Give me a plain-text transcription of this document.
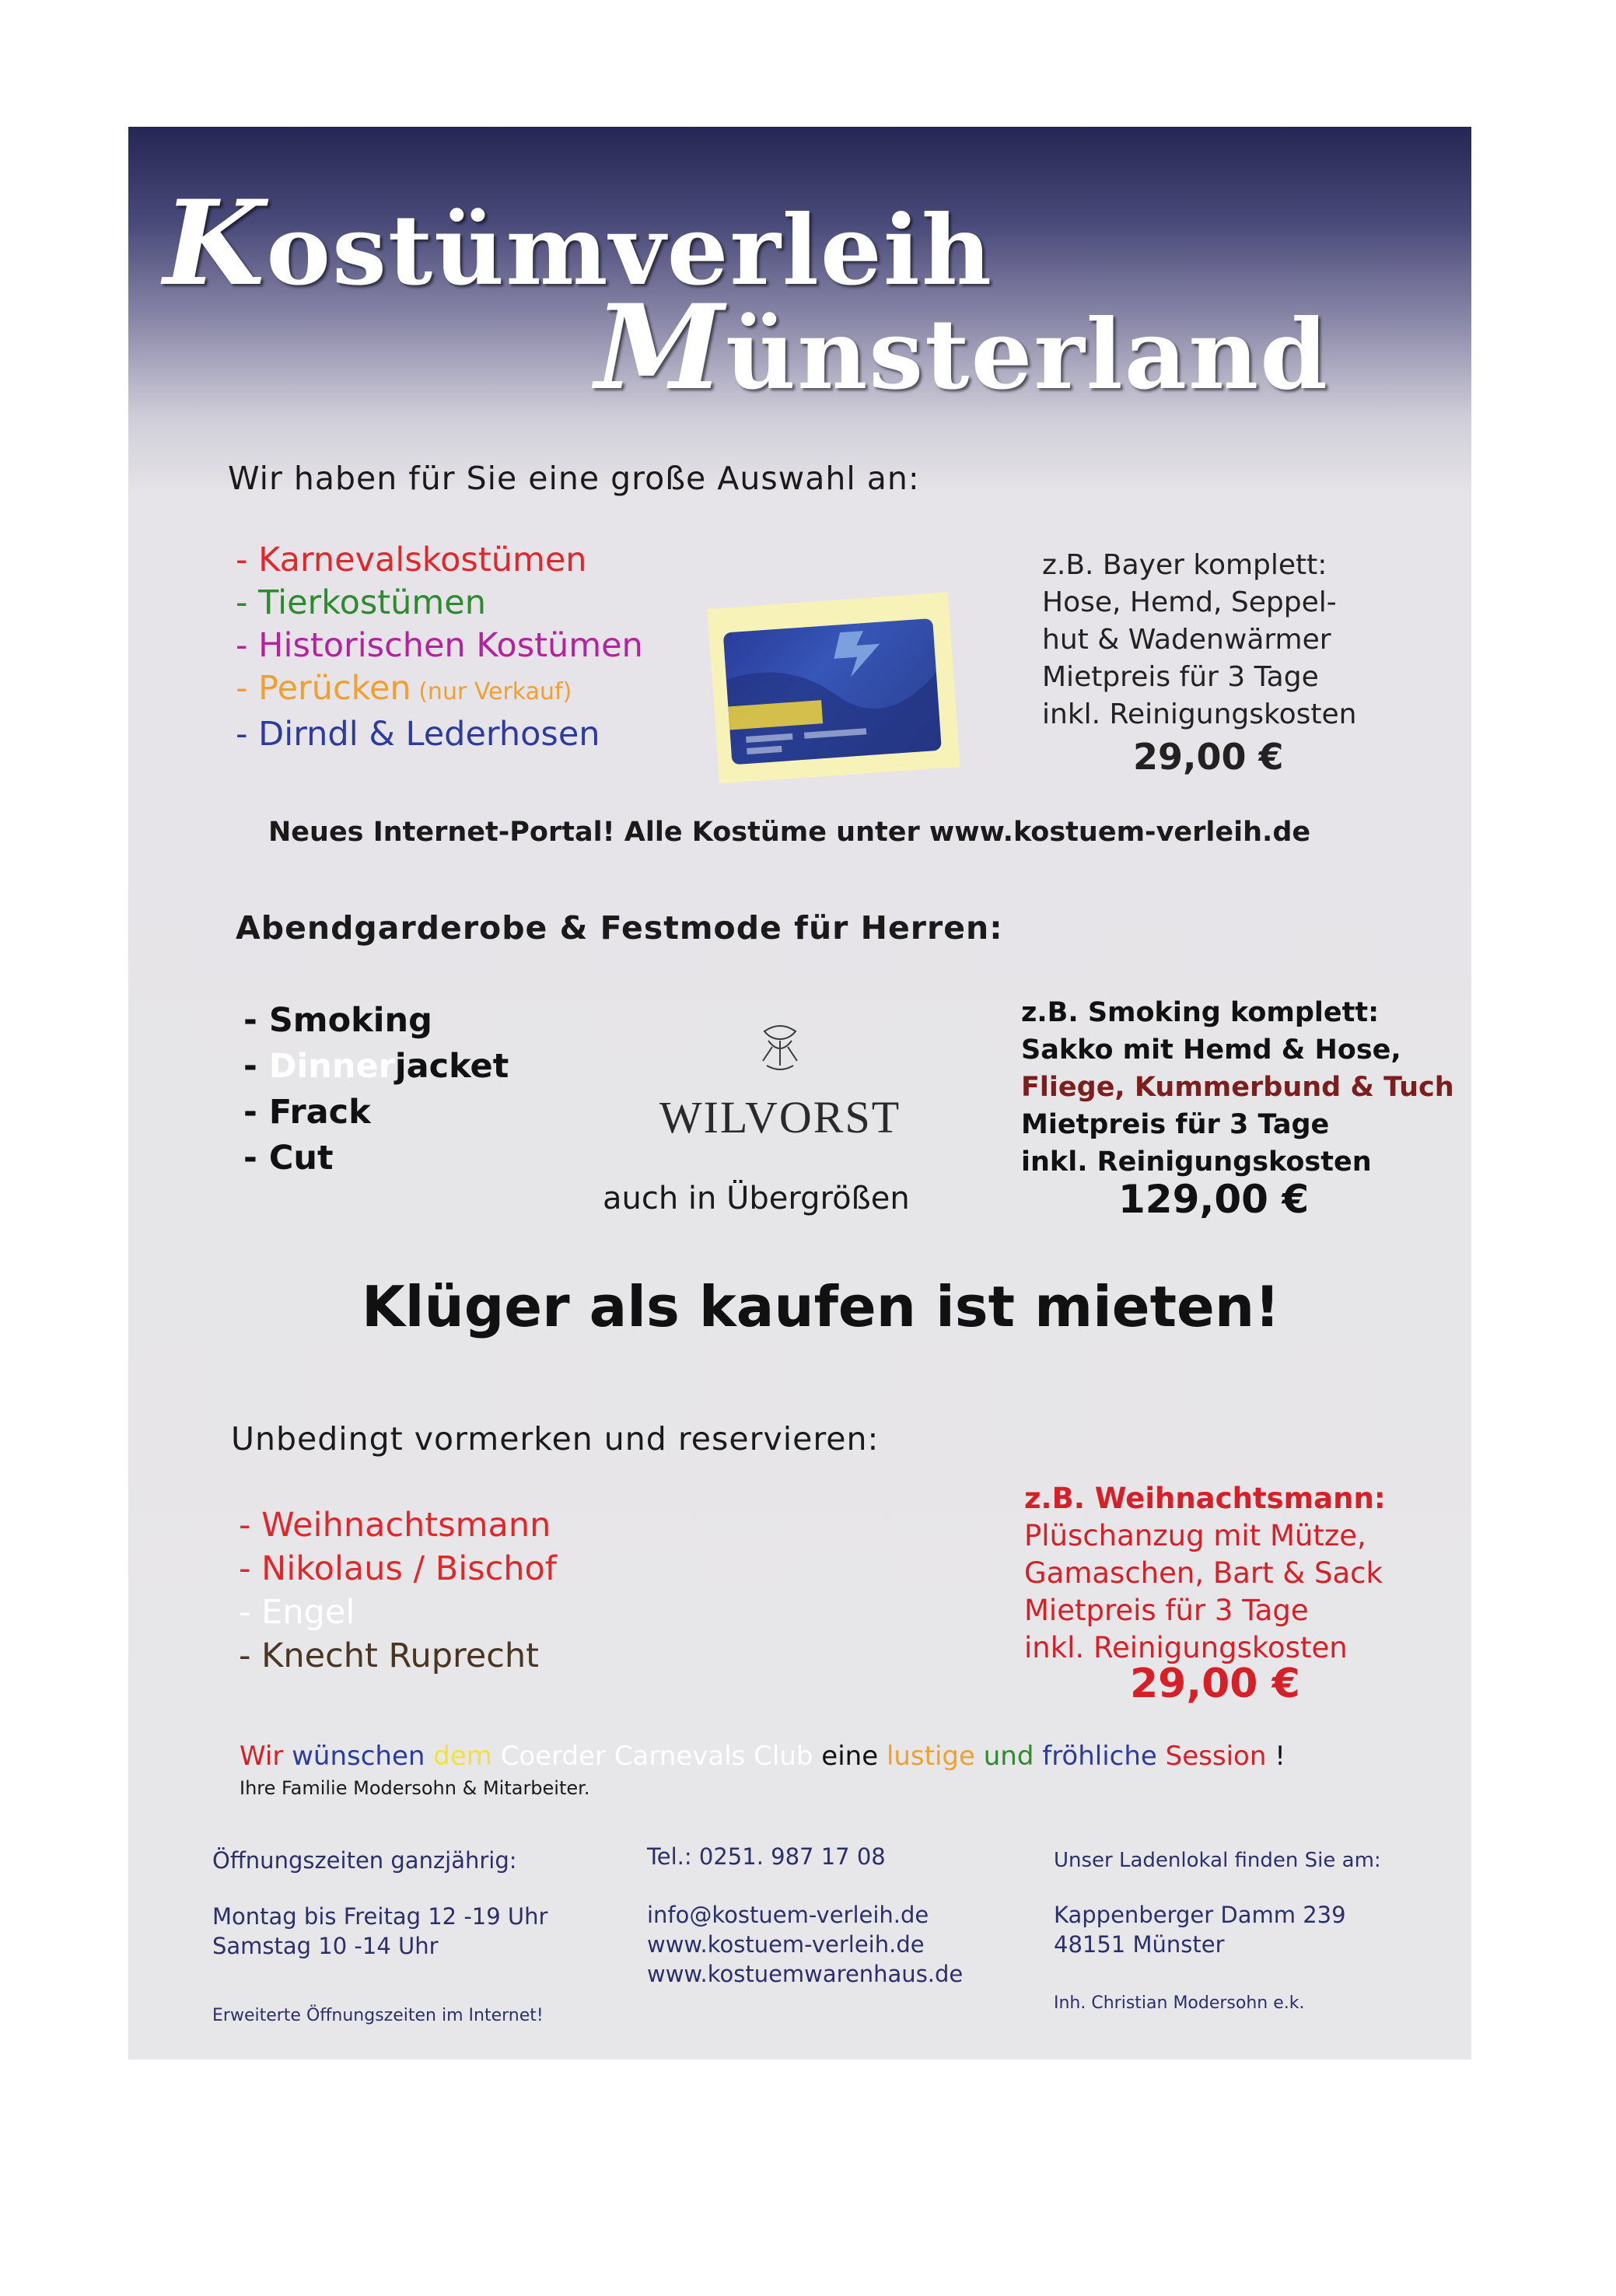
Kostümverleih
Münsterland
Wir haben für Sie eine große Auswahl an:
- Karnevalskostümen
- Tierkostümen
- Historischen Kostümen
- Perücken (nur Verkauf)
- Dirndl & Lederhosen
z.B. Bayer komplett:
Hose, Hemd, Seppel-
hut & Wadenwärmer
Mietpreis für 3 Tage
inkl. Reinigungskosten
29,00 €
Neues Internet-Portal! Alle Kostüme unter www.kostuem-verleih.de
Abendgarderobe & Festmode für Herren:
- Smoking
- Dinnerjacket
- Frack
- Cut
WILVORST
auch in Übergrößen
z.B. Smoking komplett:
Sakko mit Hemd & Hose,
Fliege, Kummerbund & Tuch
Mietpreis für 3 Tage
inkl. Reinigungskosten
129,00 €
Klüger als kaufen ist mieten!
Unbedingt vormerken und reservieren:
- Weihnachtsmann
- Nikolaus / Bischof
- Engel
- Knecht Ruprecht
z.B. Weihnachtsmann:
Plüschanzug mit Mütze,
Gamaschen, Bart & Sack
Mietpreis für 3 Tage
inkl. Reinigungskosten
29,00 €
Wir wünschen dem Coerder Carnevals Club eine lustige und fröhliche Session !
Ihre Familie Modersohn & Mitarbeiter.
Öffnungszeiten ganzjährig:
Montag bis Freitag 12 -19 Uhr
Samstag 10 -14 Uhr
Erweiterte Öffnungszeiten im Internet!
Tel.: 0251. 987 17 08
info@kostuem-verleih.de
www.kostuem-verleih.de
www.kostuemwarenhaus.de
Unser Ladenlokal finden Sie am:
Kappenberger Damm 239
48151 Münster
Inh. Christian Modersohn e.k.
